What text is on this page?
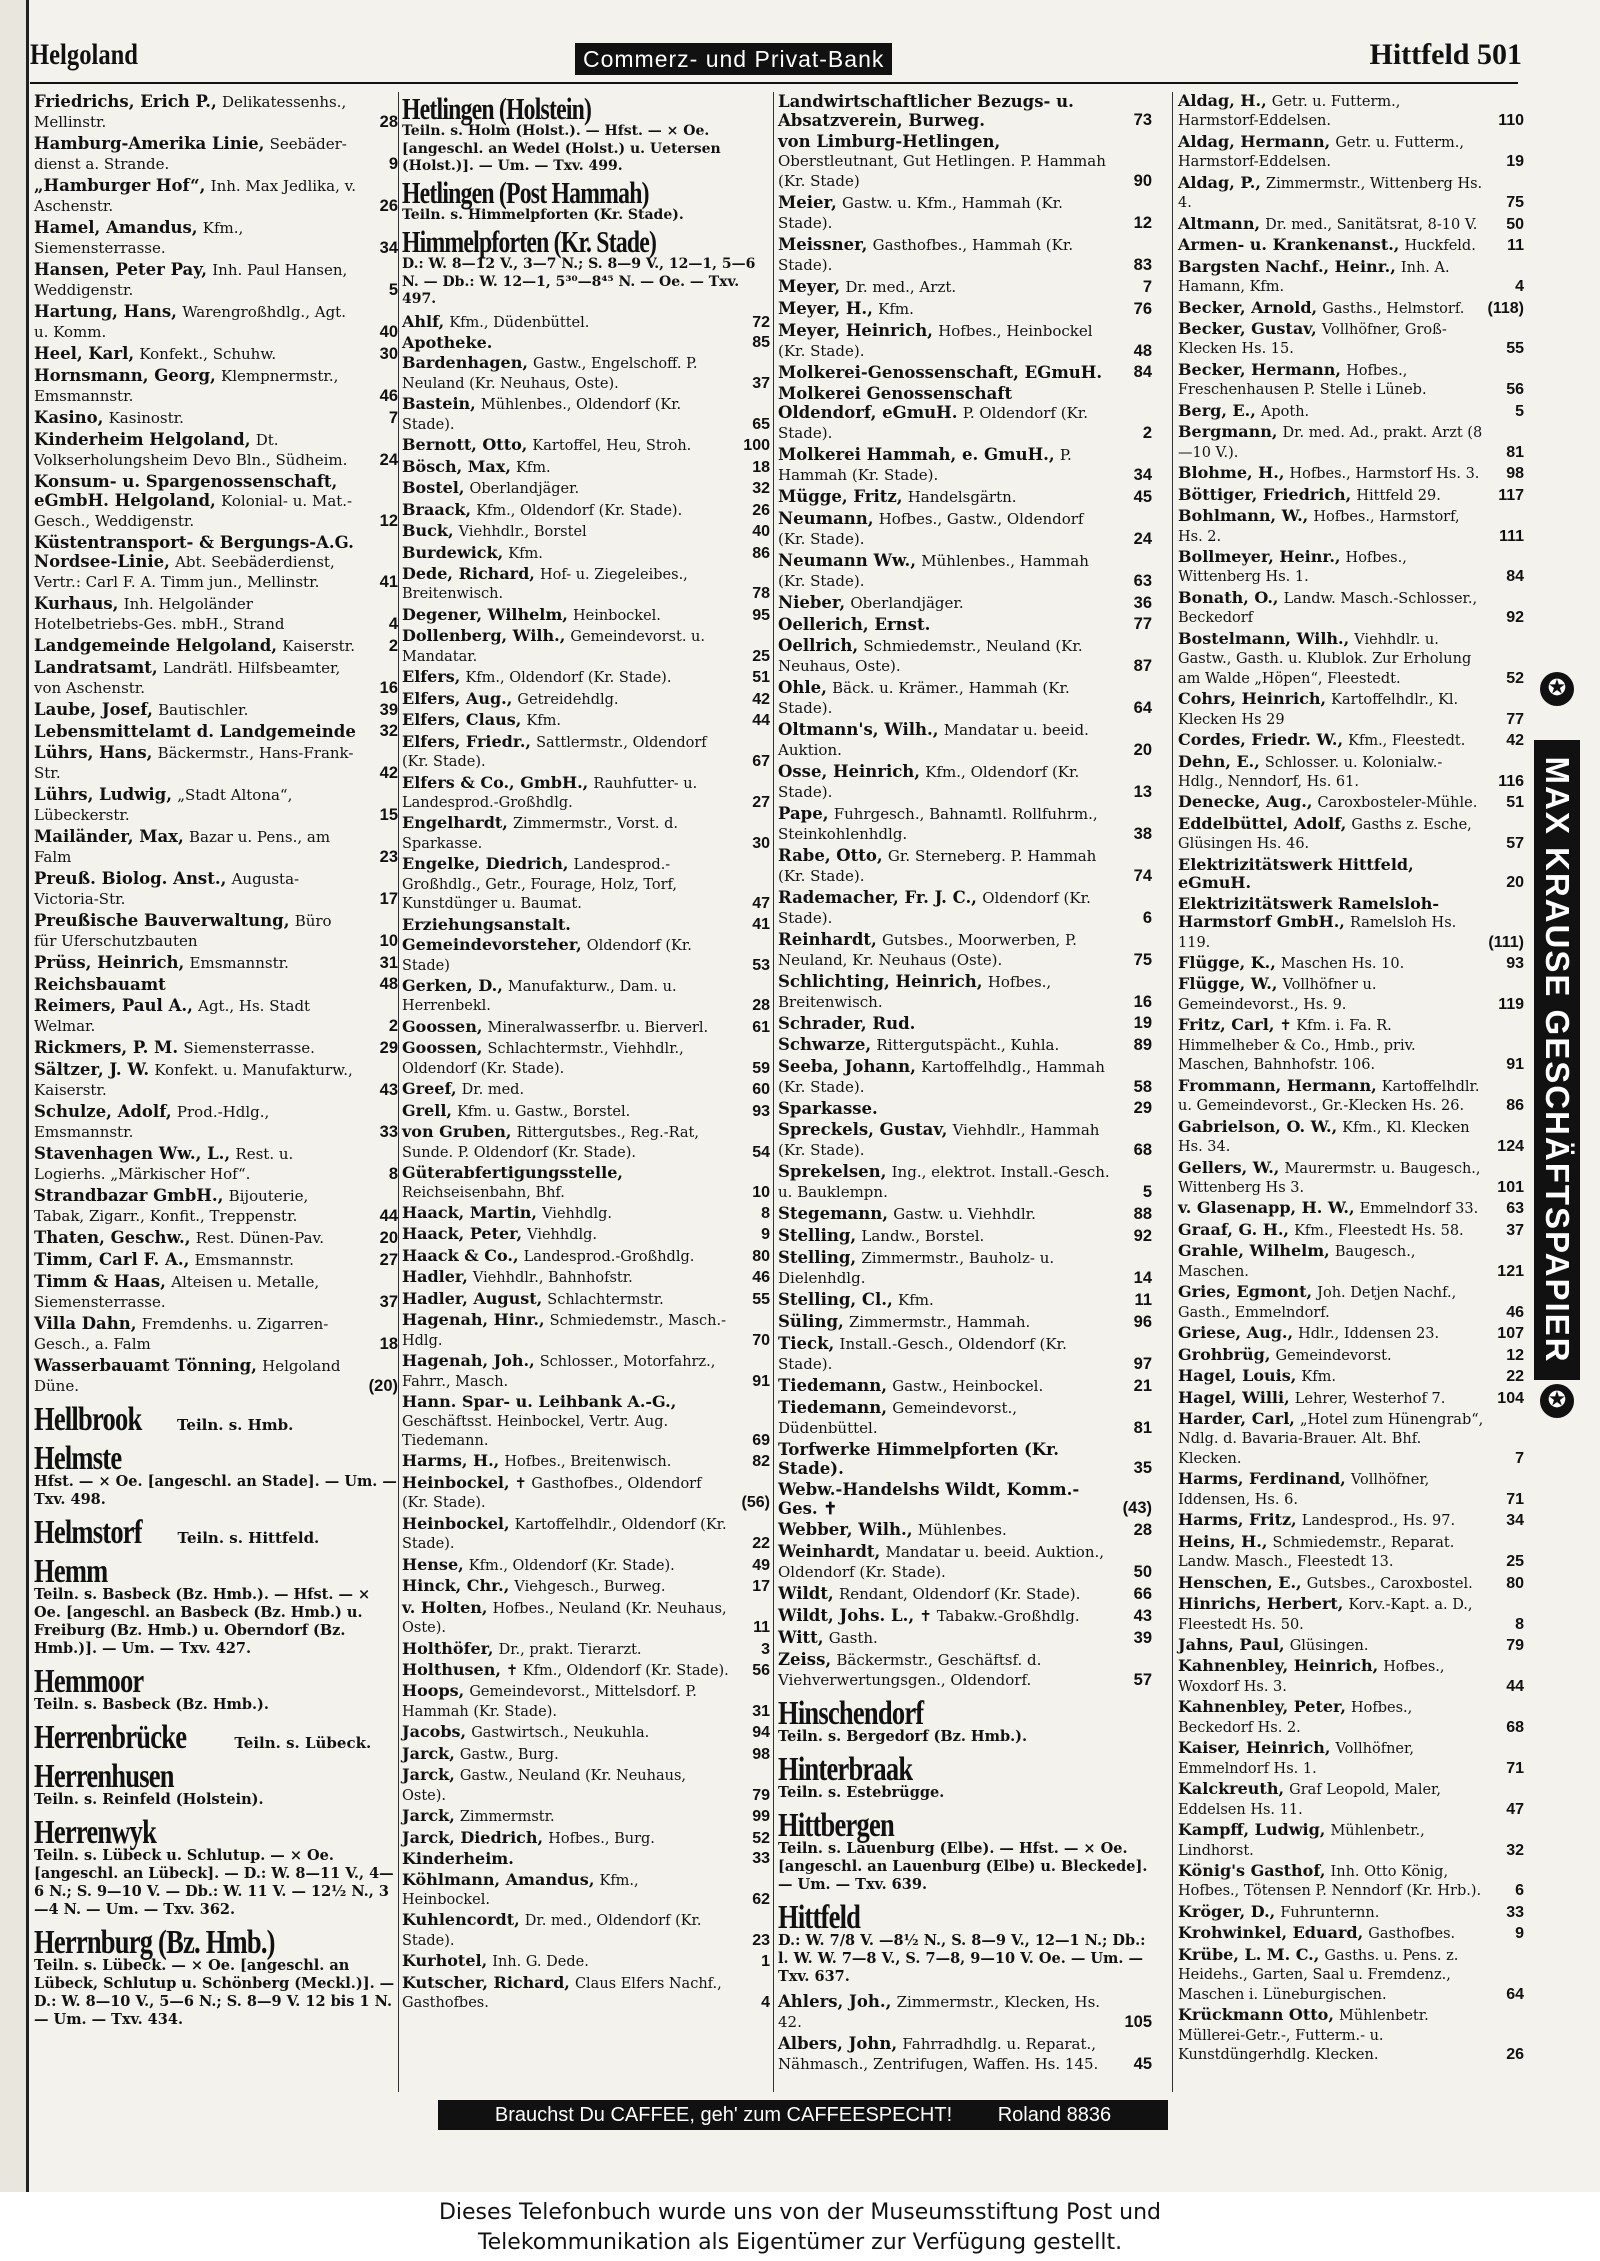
Helgoland	Commerz- und Privat-Bank	Hittfeld 501
Friedrichs, Erich P., Delikatessenhs., Mellinstr.	28
Hamburg-Amerika Linie, Seebäder-dienst a. Strande.	9
„Hamburger Hof“, Inh. Max Jedlika, v. Aschenstr.	26
Hamel, Amandus, Kfm., Siemensterrasse.	34
Hansen, Peter Pay, Inh. Paul Hansen, Weddigenstr.	5
Hartung, Hans, Warengroßhdlg., Agt. u. Komm.	40
Heel, Karl, Konfekt., Schuhw.	30
Hornsmann, Georg, Klempnermstr., Emsmannstr.	46
Kasino, Kasinostr.	7
Kinderheim Helgoland, Dt. Volkserholungsheim Devo Bln., Südheim. 24
Konsum- u. Spargenossenschaft, eGmbH. Helgoland, Kolonial- u. Mat.-Gesch., Weddigenstr.	12
Küstentransport- & Bergungs-A.G. Nordsee-Linie, Abt. Seebäderdienst, Vertr.: Carl F. A. Timm jun., Mellinstr.	41
Kurhaus, Inh. Helgoländer Hotelbetriebs-Ges. mbH., Strand	4
Landgemeinde Helgoland, Kaiserstr. 2
Landratsamt, Landrätl. Hilfsbeamter, von Aschenstr.	16
Laube, Josef, Bautischler.	39
Lebensmittelamt d. Landgemeinde 32
Lührs, Hans, Bäckermstr., Hans-Frank-Str.	42
Lührs, Ludwig, „Stadt Altona“, Lübeckerstr.	15
Mailänder, Max, Bazar u. Pens., am Falm	23
Preuß. Biolog. Anst., Augusta-Victoria-Str.	17
Preußische Bauverwaltung, Büro für Uferschutzbauten	10
Prüss, Heinrich, Emsmannstr.	31
Reichsbauamt	48
Reimers, Paul A., Agt., Hs. Stadt Welmar.	2
Rickmers, P. M. Siemensterrasse.	29
Sältzer, J. W. Konfekt. u. Manufakturw., Kaiserstr.	43
Schulze, Adolf, Prod.-Hdlg., Emsmannstr.	33
Stavenhagen Ww., L., Rest. u. Logierhs. „Märkischer Hof“.	8
Strandbazar GmbH., Bijouterie, Tabak, Zigarr., Konfit., Treppenstr.	44
Thaten, Geschw., Rest. Dünen-Pav.	20
Timm, Carl F. A., Emsmannstr.	27
Timm & Haas, Alteisen u. Metalle, Siemensterrasse.	37
Villa Dahn, Fremdenhs. u. Zigarren-Gesch., a. Falm	18
Wasserbauamt Tönning, Helgoland Düne.	(20)
Hellbrook Teiln. s. Hmb.
Helmste
Hfst. — × Oe. [angeschl. an Stade]. — Um. — Txv. 498.
Helmstorf Teiln. s. Hittfeld.
Hemm
Teiln. s. Basbeck (Bz. Hmb.). — Hfst. — × Oe. [angeschl. an Basbeck (Bz. Hmb.) u. Freiburg (Bz. Hmb.) u. Oberndorf (Bz. Hmb.)]. — Um. — Txv. 427.
Hemmoor
Teiln. s. Basbeck (Bz. Hmb.).
Herrenbrücke	Teiln. s. Lübeck.
Herrenhusen
Teiln. s. Reinfeld (Holstein).
Herrenwyk
Teiln. s. Lübeck u. Schlutup. — × Oe. [angeschl. an Lübeck]. — D.: W. 8—11 V., 4—6 N.; S. 9—10 V. — Db.: W. 11 V. — 12½ N., 3—4 N. — Um. — Txv. 362.
Herrnburg (Bz. Hmb.)
Teiln. s. Lübeck. — × Oe. [angeschl. an Lübeck, Schlutup u. Schönberg (Meckl.)]. — D.: W. 8—10 V., 5—6 N.; S. 8—9 V. 12 bis 1 N. — Um. — Txv. 434.
Hetlingen (Holstein)
Teiln. s. Holm (Holst.). — Hfst. — × Oe. [angeschl. an Wedel (Holst.) u. Uetersen (Holst.)]. — Um. — Txv. 499.
Hetlingen (Post Hammah)
Teiln. s. Himmelpforten (Kr. Stade).
Himmelpforten (Kr. Stade)
D.: W. 8—12 V., 3—7 N.; S. 8—9 V., 12—1, 5—6 N. — Db.: W. 12—1, 5³⁰—8⁴⁵ N. — Oe. — Txv. 497.
Ahlf, Kfm., Düdenbüttel.	72
Apotheke.	85
Bardenhagen, Gastw., Engelschoff. P. Neuland (Kr. Neuhaus, Oste).	37
Bastein, Mühlenbes., Oldendorf (Kr. Stade).	65
Bernott, Otto, Kartoffel, Heu, Stroh.	100
Bösch, Max, Kfm.	18
Bostel, Oberlandjäger.	32
Braack, Kfm., Oldendorf (Kr. Stade).	26
Buck, Viehhdlr., Borstel	40
Burdewick, Kfm.	86
Dede, Richard, Hof- u. Ziegeleibes., Breitenwisch.	78
Degener, Wilhelm, Heinbockel.	95
Dollenberg, Wilh., Gemeindevorst. u. Mandatar.	25
Elfers, Kfm., Oldendorf (Kr. Stade).	51
Elfers, Aug., Getreidehdlg.	42
Elfers, Claus, Kfm.	44
Elfers, Friedr., Sattlermstr., Oldendorf (Kr. Stade).	67
Elfers & Co., GmbH., Rauhfutter- u. Landesprod.-Großhdlg.	27
Engelhardt, Zimmermstr., Vorst. d. Sparkasse.	30
Engelke, Diedrich, Landesprod.-Großhdlg., Getr., Fourage, Holz, Torf, Kunstdünger u. Baumat.	47
Erziehungsanstalt.	41
Gemeindevorsteher, Oldendorf (Kr. Stade)	53
Gerken, D., Manufakturw., Dam. u. Herrenbekl.	28
Goossen, Mineralwasserfbr. u. Bierverl.	61
Goossen, Schlachtermstr., Viehhdlr., Oldendorf (Kr. Stade).	59
Greef, Dr. med.	60
Grell, Kfm. u. Gastw., Borstel.	93
von Gruben, Rittergutsbes., Reg.-Rat, Sunde. P. Oldendorf (Kr. Stade).	54
Güterabfertigungsstelle, Reichseisenbahn, Bhf.	10
Haack, Martin, Viehhdlg.	8
Haack, Peter, Viehhdlg.	9
Haack & Co., Landesprod.-Großhdlg.	80
Hadler, Viehhdlr., Bahnhofstr.	46
Hadler, August, Schlachtermstr.	55
Hagenah, Hinr., Schmiedemstr., Masch.-Hdlg.	70
Hagenah, Joh., Schlosser., Motorfahrz., Fahrr., Masch.	91
Hann. Spar- u. Leihbank A.-G., Geschäftsst. Heinbockel, Vertr. Aug. Tiedemann.	69
Harms, H., Hofbes., Breitenwisch.	82
Heinbockel, ✝ Gasthofbes., Oldendorf (Kr. Stade).	(56)
Heinbockel, Kartoffelhdlr., Oldendorf (Kr. Stade).	22
Hense, Kfm., Oldendorf (Kr. Stade).	49
Hinck, Chr., Viehgesch., Burweg.	17
v. Holten, Hofbes., Neuland (Kr. Neuhaus, Oste).	11
Holthöfer, Dr., prakt. Tierarzt.	3
Holthusen, ✝ Kfm., Oldendorf (Kr. Stade). 56
Hoops, Gemeindevorst., Mittelsdorf. P. Hammah (Kr. Stade).	31
Jacobs, Gastwirtsch., Neukuhla.	94
Jarck, Gastw., Burg.	98
Jarck, Gastw., Neuland (Kr. Neuhaus, Oste).	79
Jarck, Zimmermstr.	99
Jarck, Diedrich, Hofbes., Burg.	52
Kinderheim.	33
Köhlmann, Amandus, Kfm., Heinbockel.	62
Kuhlencordt, Dr. med., Oldendorf (Kr. Stade).	23
Kurhotel, Inh. G. Dede.	1
Kutscher, Richard, Claus Elfers Nachf., Gasthofbes.	4
Landwirtschaftlicher Bezugs- u. Absatzverein, Burweg.	73
von Limburg-Hetlingen, Oberstleutnant, Gut Hetlingen. P. Hammah (Kr. Stade)	90
Meier, Gastw. u. Kfm., Hammah (Kr. Stade).	12
Meissner, Gasthofbes., Hammah (Kr. Stade).	83
Meyer, Dr. med., Arzt.	7
Meyer, H., Kfm.	76
Meyer, Heinrich, Hofbes., Heinbockel (Kr. Stade).	48
Molkerei-Genossenschaft, EGmuH. 84
Molkerei Genossenschaft Oldendorf, eGmuH. P. Oldendorf (Kr. Stade).	2
Molkerei Hammah, e. GmuH., P. Hammah (Kr. Stade).	34
Mügge, Fritz, Handelsgärtn.	45
Neumann, Hofbes., Gastw., Oldendorf (Kr. Stade).	24
Neumann Ww., Mühlenbes., Hammah (Kr. Stade).	63
Nieber, Oberlandjäger.	36
Oellerich, Ernst.	77
Oellrich, Schmiedemstr., Neuland (Kr. Neuhaus, Oste).	87
Ohle, Bäck. u. Krämer., Hammah (Kr. Stade).	64
Oltmann's, Wilh., Mandatar u. beeid. Auktion.	20
Osse, Heinrich, Kfm., Oldendorf (Kr. Stade).	13
Pape, Fuhrgesch., Bahnamtl. Rollfuhrm., Steinkohlenhdlg.	38
Rabe, Otto, Gr. Sterneberg. P. Hammah (Kr. Stade).	74
Rademacher, Fr. J. C., Oldendorf (Kr. Stade).	6
Reinhardt, Gutsbes., Moorwerben, P. Neuland, Kr. Neuhaus (Oste).	75
Schlichting, Heinrich, Hofbes., Breitenwisch.	16
Schrader, Rud.	19
Schwarze, Rittergutspächt., Kuhla.	89
Seeba, Johann, Kartoffelhdlg., Hammah (Kr. Stade).	58
Sparkasse.	29
Spreckels, Gustav, Viehhdlr., Hammah (Kr. Stade).	68
Sprekelsen, Ing., elektrot. Install.-Gesch. u. Bauklempn.	5
Stegemann, Gastw. u. Viehhdlr.	88
Stelling, Landw., Borstel.	92
Stelling, Zimmermstr., Bauholz- u. Dielenhdlg.	14
Stelling, Cl., Kfm.	11
Süling, Zimmermstr., Hammah.	96
Tieck, Install.-Gesch., Oldendorf (Kr. Stade).	97
Tiedemann, Gastw., Heinbockel.	21
Tiedemann, Gemeindevorst., Düdenbüttel.	81
Torfwerke Himmelpforten (Kr. Stade).	35
Webw.-Handelshs Wildt, Komm.-Ges. ✝	(43)
Webber, Wilh., Mühlenbes.	28
Weinhardt, Mandatar u. beeid. Auktion., Oldendorf (Kr. Stade).	50
Wildt, Rendant, Oldendorf (Kr. Stade).	66
Wildt, Johs. L., ✝ Tabakw.-Großhdlg.	43
Witt, Gasth.	39
Zeiss, Bäckermstr., Geschäftsf. d. Viehverwertungsgen., Oldendorf.	57
Hinschendorf
Teiln. s. Bergedorf (Bz. Hmb.).
Hinterbraak
Teiln. s. Estebrügge.
Hittbergen
Teiln. s. Lauenburg (Elbe). — Hfst. — × Oe. [angeschl. an Lauenburg (Elbe) u. Bleckede]. — Um. — Txv. 639.
Hittfeld
D.: W. 7/8 V. —8½ N., S. 8—9 V., 12—1 N.; Db.: l. W. W. 7—8 V., S. 7—8, 9—10 V. Oe. — Um. — Txv. 637.
Ahlers, Joh., Zimmermstr., Klecken, Hs. 42.	105
Albers, John, Fahrradhdlg. u. Reparat., Nähmasch., Zentrifugen, Waffen. Hs. 145. 45
Aldag, H., Getr. u. Futterm., Harmstorf-Eddelsen.	110
Aldag, Hermann, Getr. u. Futterm., Harmstorf-Eddelsen.	19
Aldag, P., Zimmermstr., Wittenberg Hs. 4.	75
Altmann, Dr. med., Sanitätsrat, 8-10 V. 50
Armen- u. Krankenanst., Huckfeld. 11
Bargsten Nachf., Heinr., Inh. A. Hamann, Kfm.	4
Becker, Arnold, Gasths., Helmstorf. (118)
Becker, Gustav, Vollhöfner, Groß-Klecken Hs. 15.	55
Becker, Hermann, Hofbes., Freschenhausen P. Stelle i Lüneb.	56
Berg, E., Apoth.	5
Bergmann, Dr. med. Ad., prakt. Arzt (8—10 V.).	81
Blohme, H., Hofbes., Harmstorf Hs. 3. 98
Böttiger, Friedrich, Hittfeld 29.	117
Bohlmann, W., Hofbes., Harmstorf, Hs. 2.	111
Bollmeyer, Heinr., Hofbes., Wittenberg Hs. 1.	84
Bonath, O., Landw. Masch.-Schlosser., Beckedorf	92
Bostelmann, Wilh., Viehhdlr. u. Gastw., Gasth. u. Klublok. Zur Erholung am Walde „Höpen“, Fleestedt.	52
Cohrs, Heinrich, Kartoffelhdlr., Kl. Klecken Hs 29	77
Cordes, Friedr. W., Kfm., Fleestedt.	42
Dehn, E., Schlosser. u. Kolonialw.-Hdlg., Nenndorf, Hs. 61.	116
Denecke, Aug., Caroxbosteler-Mühle. 51
Eddelbüttel, Adolf, Gasths z. Esche, Glüsingen Hs. 46.	57
Elektrizitätswerk Hittfeld, eGmuH.	20
Elektrizitätswerk Ramelsloh-Harmstorf GmbH., Ramelsloh Hs. 119.	(111)
Flügge, K., Maschen Hs. 10.	93
Flügge, W., Vollhöfner u. Gemeindevorst., Hs. 9.	119
Fritz, Carl, ✝ Kfm. i. Fa. R. Himmelheber & Co., Hmb., priv. Maschen, Bahnhofstr. 106.	91
Frommann, Hermann, Kartoffelhdlr. u. Gemeindevorst., Gr.-Klecken Hs. 26.	86
Gabrielson, O. W., Kfm., Kl. Klecken Hs. 34.	124
Gellers, W., Maurermstr. u. Baugesch., Wittenberg Hs 3.	101
v. Glasenapp, H. W., Emmelndorf 33. 63
Graaf, G. H., Kfm., Fleestedt Hs. 58.	37
Grahle, Wilhelm, Baugesch., Maschen.	121
Gries, Egmont, Joh. Detjen Nachf., Gasth., Emmelndorf.	46
Griese, Aug., Hdlr., Iddensen 23.	107
Grohbrüg, Gemeindevorst.	12
Hagel, Louis, Kfm.	22
Hagel, Willi, Lehrer, Westerhof 7.	104
Harder, Carl, „Hotel zum Hünengrab“, Ndlg. d. Bavaria-Brauer. Alt. Bhf. Klecken.	7
Harms, Ferdinand, Vollhöfner, Iddensen, Hs. 6.	71
Harms, Fritz, Landesprod., Hs. 97.	34
Heins, H., Schmiedemstr., Reparat. Landw. Masch., Fleestedt 13.	25
Henschen, E., Gutsbes., Caroxbostel. 80
Hinrichs, Herbert, Korv.-Kapt. a. D., Fleestedt Hs. 50.	8
Jahns, Paul, Glüsingen.	79
Kahnenbley, Heinrich, Hofbes., Woxdorf Hs. 3.	44
Kahnenbley, Peter, Hofbes., Beckedorf Hs. 2.	68
Kaiser, Heinrich, Vollhöfner, Emmelndorf Hs. 1.	71
Kalckreuth, Graf Leopold, Maler, Eddelsen Hs. 11.	47
Kampff, Ludwig, Mühlenbetr., Lindhorst.	32
König's Gasthof, Inh. Otto König, Hofbes., Tötensen P. Nenndorf (Kr. Hrb.). 6
Kröger, D., Fuhrunternn.	33
Krohwinkel, Eduard, Gasthofbes.	9
Krübe, L. M. C., Gasths. u. Pens. z. Heidehs., Garten, Saal u. Fremdenz., Maschen i. Lüneburgischen.	64
Krückmann Otto, Mühlenbetr. Müllerei-Getr.-, Futterm.- u. Kunstdüngerhdlg. Klecken.	26
✪
MAX KRAUSE GESCHÄFTSPAPIER
✪
Brauchst Du CAFFEE, geh' zum CAFFEESPECHT! Roland 8836
Dieses Telefonbuch wurde uns von der Museumsstiftung Post und
Telekommunikation als Eigentümer zur Verfügung gestellt.
